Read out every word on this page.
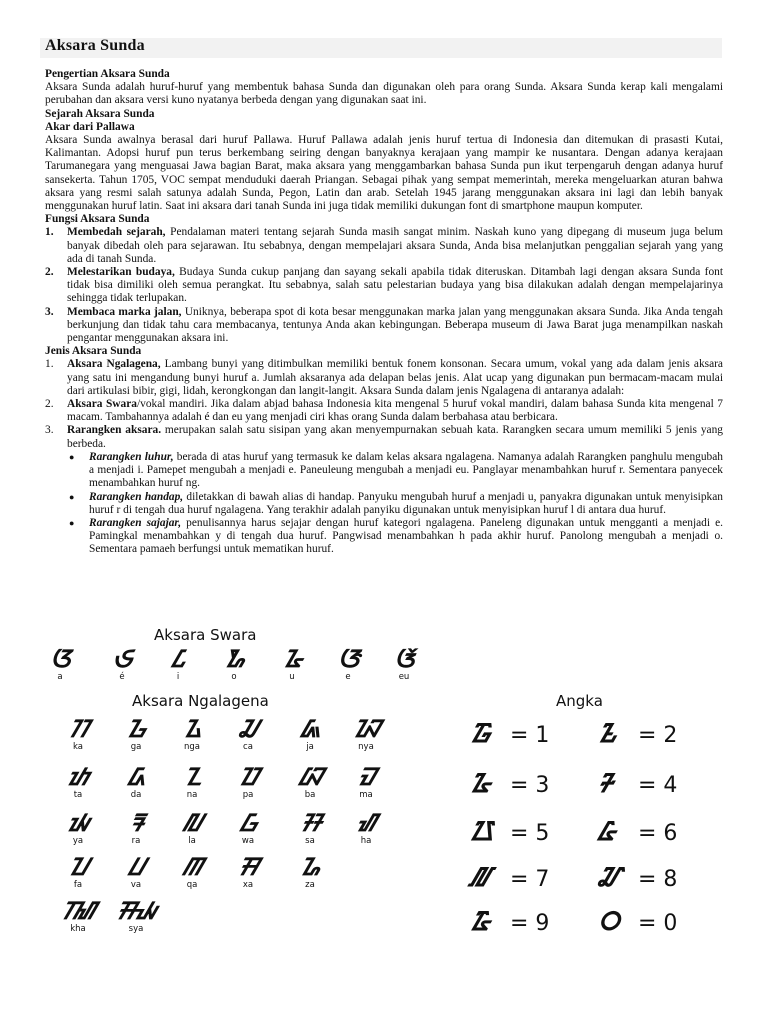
Aksara Sunda

Pengertian Aksara Sunda

Aksara Sunda adalah huruf-huruf yang membentuk bahasa Sunda dan digunakan oleh para orang Sunda. Aksara Sunda kerap kali mengalami perubahan dan aksara versi kuno nyatanya berbeda dengan yang digunakan saat ini.

Sejarah Aksara Sunda

Akar dari Pallawa

Aksara Sunda awalnya berasal dari huruf Pallawa. Huruf Pallawa adalah jenis huruf tertua di Indonesia dan ditemukan di prasasti Kutai, Kalimantan. Adopsi huruf pun terus berkembang seiring dengan banyaknya kerajaan yang mampir ke nusantara. Dengan adanya kerajaan Tarumanegara yang menguasai Jawa bagian Barat, maka aksara yang menggambarkan bahasa Sunda pun ikut terpengaruh dengan adanya huruf sansekerta. Tahun 1705, VOC sempat menduduki daerah Priangan. Sebagai pihak yang sempat memerintah, mereka mengeluarkan aturan bahwa aksara yang resmi salah satunya adalah Sunda, Pegon, Latin dan arab. Setelah 1945 jarang menggunakan aksara ini lagi dan lebih banyak menggunakan huruf latin. Saat ini aksara dari tanah Sunda ini juga tidak memiliki dukungan font di smartphone maupun komputer.

Fungsi Aksara Sunda

1. Membedah sejarah, Pendalaman materi tentang sejarah Sunda masih sangat minim. Naskah kuno yang dipegang di museum juga belum banyak dibedah oleh para sejarawan. Itu sebabnya, dengan mempelajari aksara Sunda, Anda bisa melanjutkan penggalian sejarah yang yang ada di tanah Sunda.
2. Melestarikan budaya, Budaya Sunda cukup panjang dan sayang sekali apabila tidak diteruskan. Ditambah lagi dengan aksara Sunda font tidak bisa dimiliki oleh semua perangkat. Itu sebabnya, salah satu pelestarian budaya yang bisa dilakukan adalah dengan mempelajarinya sehingga tidak terlupakan.
3. Membaca marka jalan, Uniknya, beberapa spot di kota besar menggunakan marka jalan yang menggunakan aksara Sunda. Jika Anda tengah berkunjung dan tidak tahu cara membacanya, tentunya Anda akan kebingungan. Beberapa museum di Jawa Barat juga menampilkan naskah pengantar menggunakan aksara ini.

Jenis Aksara Sunda

1. Aksara Ngalagena, Lambang bunyi yang ditimbulkan memiliki bentuk fonem konsonan. Secara umum, vokal yang ada dalam jenis aksara yang satu ini mengandung bunyi huruf a. Jumlah aksaranya ada delapan belas jenis. Alat ucap yang digunakan pun bermacam-macam mulai dari artikulasi bibir, gigi, lidah, kerongkongan dan langit-langit. Aksara Sunda dalam jenis Ngalagena di antaranya adalah:
2. Aksara Swara/vokal mandiri. Jika dalam abjad bahasa Indonesia kita mengenal 5 huruf vokal mandiri, dalam bahasa Sunda kita mengenal 7 macam. Tambahannya adalah é dan eu yang menjadi ciri khas orang Sunda dalam berbahasa atau berbicara.
3. Rarangken aksara. merupakan salah satu sisipan yang akan menyempurnakan sebuah kata. Rarangken secara umum memiliki 5 jenis yang berbeda.
● Rarangken luhur, berada di atas huruf yang termasuk ke dalam kelas aksara ngalagena. Namanya adalah Rarangken panghulu mengubah a menjadi i. Pamepet mengubah a menjadi e. Paneuleung mengubah a menjadi eu. Panglayar menambahkan huruf r. Sementara panyecek menambahkan huruf ng.
● Rarangken handap, diletakkan di bawah alias di handap. Panyuku mengubah huruf a menjadi u, panyakra digunakan untuk menyisipkan huruf r di tengah dua huruf ngalagena. Yang terakhir adalah panyiku digunakan untuk menyisipkan huruf l di antara dua huruf.
● Rarangken sajajar, penulisannya harus sejajar dengan huruf kategori ngalagena. Paneleng digunakan untuk mengganti a menjadi e. Pamingkal menambahkan y di tengah dua huruf. Pangwisad menambahkan h pada akhir huruf. Panolong mengubah a menjadi o. Sementara pamaeh berfungsi untuk mematikan huruf.
Aksara Swara
Aksara Ngalagena	Angka
ᮃ
a
ᮈ
é
ᮄ
i
ᮇ
o
ᮅ
u
ᮆ
e
ᮉ
eu
ᮊ
ka
ᮌ
ga
ᮍ
nga
ᮎ
ca
ᮏ
ja
ᮑ
nya
ᮒ
ta
ᮓ
da
ᮔ
na
ᮕ
pa
ᮘ
ba
ᮙ
ma
ᮚ
ya
ᮛ
ra
ᮜ
la
ᮝ
wa
ᮞ
sa
ᮠ
ha
ᮖ
fa
ᮗ
va
ᮋ
qa
ᮟ
xa
ᮐ
za
ᮮ
kha
ᮯ
sya
᮱ = 1 ᮲ = 2
᮳ = 3 ᮴ = 4
᮵ = 5 ᮶ = 6
᮷ = 7 ᮸ = 8
᮹ = 9 ᮰ = 0
